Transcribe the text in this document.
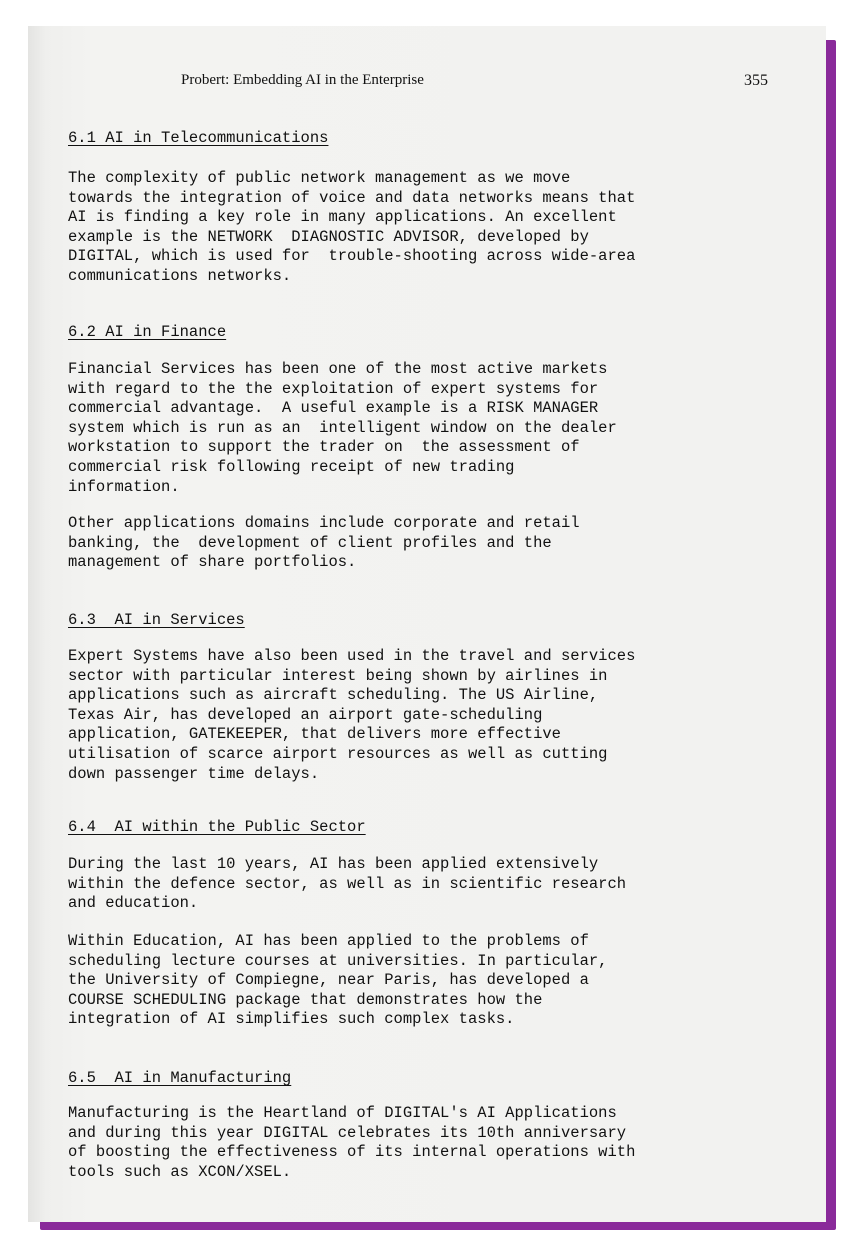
Probert: Embedding AI in the Enterprise	355
6.1 AI in Telecommunications
The complexity of public network management as we move
towards the integration of voice and data networks means that
AI is finding a key role in many applications. An excellent
example is the NETWORK  DIAGNOSTIC ADVISOR, developed by
DIGITAL, which is used for  trouble-shooting across wide-area
communications networks.
6.2 AI in Finance
Financial Services has been one of the most active markets
with regard to the the exploitation of expert systems for
commercial advantage.  A useful example is a RISK MANAGER
system which is run as an  intelligent window on the dealer
workstation to support the trader on  the assessment of
commercial risk following receipt of new trading
information.
Other applications domains include corporate and retail
banking, the  development of client profiles and the
management of share portfolios.
6.3  AI in Services
Expert Systems have also been used in the travel and services
sector with particular interest being shown by airlines in
applications such as aircraft scheduling. The US Airline,
Texas Air, has developed an airport gate-scheduling
application, GATEKEEPER, that delivers more effective
utilisation of scarce airport resources as well as cutting
down passenger time delays.
6.4  AI within the Public Sector
During the last 10 years, AI has been applied extensively
within the defence sector, as well as in scientific research
and education.
Within Education, AI has been applied to the problems of
scheduling lecture courses at universities. In particular,
the University of Compiegne, near Paris, has developed a
COURSE SCHEDULING package that demonstrates how the
integration of AI simplifies such complex tasks.
6.5  AI in Manufacturing
Manufacturing is the Heartland of DIGITAL's AI Applications
and during this year DIGITAL celebrates its 10th anniversary
of boosting the effectiveness of its internal operations with
tools such as XCON/XSEL.
